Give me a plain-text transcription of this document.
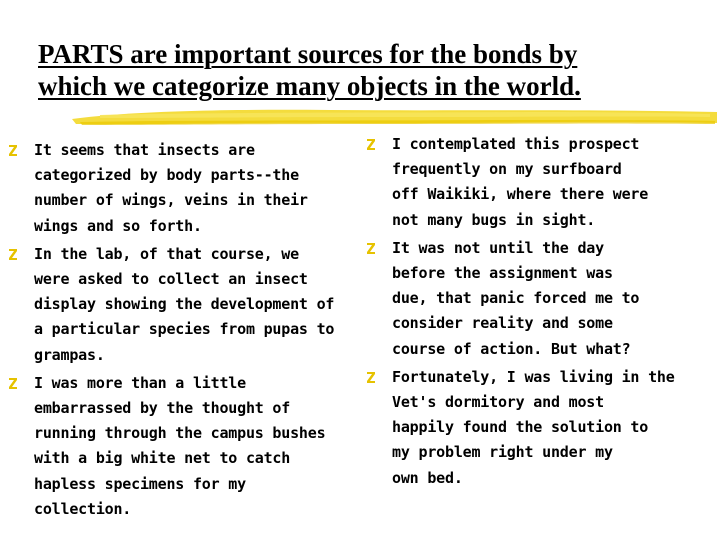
PARTS are important sources for the bonds by
which we categorize many objects in the world.
It seems that insects are
categorized by body parts--the
number of wings, veins in their
wings and so forth.
In the lab, of that course, we
were asked to collect an insect
display showing the development of
a particular species from pupas to
grampas.
I was more than a little
embarrassed by the thought of
running through the campus bushes
with a big white net to catch
hapless specimens for my
collection.
I contemplated this prospect
frequently on my surfboard
off Waikiki, where there were
not many bugs in sight.
It was not until the day
before the assignment was
due, that panic forced me to
consider reality and some
course of action. But what?
Fortunately, I was living in the
Vet's dormitory and most
happily found the solution to
my problem right under my
own bed.
